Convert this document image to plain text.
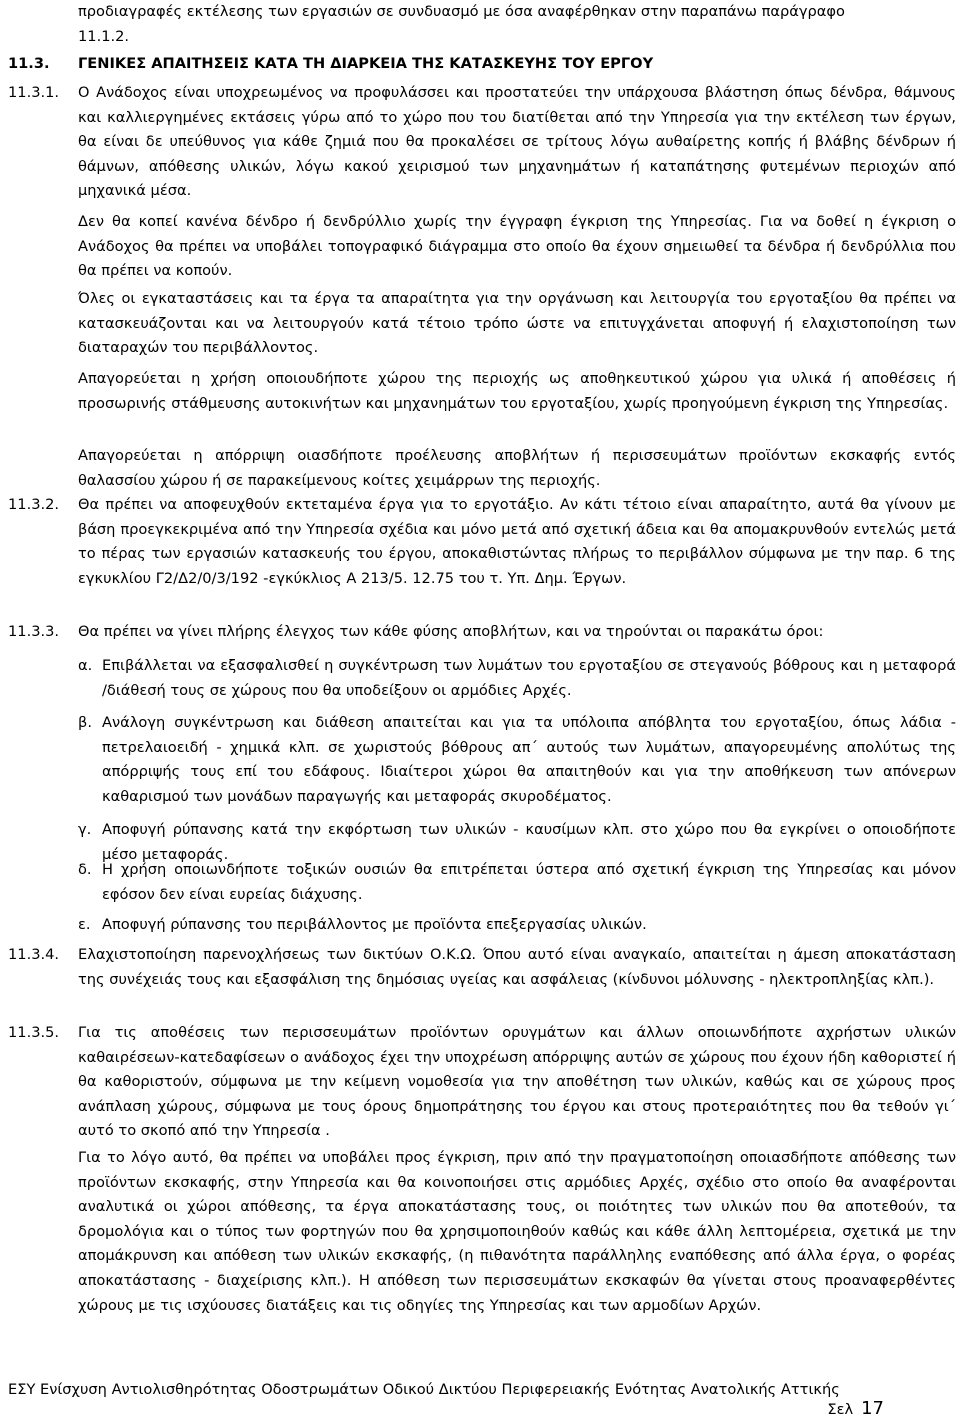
προδιαγραφές εκτέλεσης των εργασιών σε συνδυασμό με όσα αναφέρθηκαν στην παραπάνω παράγραφο
11.1.2.
11.3. ΓΕΝΙΚΕΣ ΑΠΑΙΤΗΣΕΙΣ ΚΑΤΑ ΤΗ ΔΙΑΡΚΕΙΑ ΤΗΣ ΚΑΤΑΣΚΕΥΗΣ ΤΟΥ ΕΡΓΟΥ
11.3.1. Ο Ανάδοχος είναι υποχρεωμένος να προφυλάσσει και προστατεύει την υπάρχουσα βλάστηση όπως δένδρα, θάμνους και καλλιεργημένες εκτάσεις γύρω από το χώρο που του διατίθεται από την Υπηρεσία για την εκτέλεση των έργων, θα είναι δε υπεύθυνος για κάθε ζημιά που θα προκαλέσει σε τρίτους λόγω αυθαίρετης κοπής ή βλάβης δένδρων ή θάμνων, απόθεσης υλικών, λόγω κακού χειρισμού των μηχανημάτων ή καταπάτησης φυτεμένων περιοχών από μηχανικά μέσα.
Δεν θα κοπεί κανένα δένδρο ή δενδρύλλιο χωρίς την έγγραφη έγκριση της Υπηρεσίας. Για να δοθεί η έγκριση ο Ανάδοχος θα πρέπει να υποβάλει τοπογραφικό διάγραμμα στο οποίο θα έχουν σημειωθεί τα δένδρα ή δενδρύλλια που θα πρέπει να κοπούν.
Όλες οι εγκαταστάσεις και τα έργα τα απαραίτητα για την οργάνωση και λειτουργία του εργοταξίου θα πρέπει να κατασκευάζονται και να λειτουργούν κατά τέτοιο τρόπο ώστε να επιτυγχάνεται αποφυγή ή ελαχιστοποίηση των διαταραχών του περιβάλλοντος.
Απαγορεύεται η χρήση οποιουδήποτε χώρου της περιοχής ως αποθηκευτικού χώρου για υλικά ή αποθέσεις ή προσωρινής στάθμευσης αυτοκινήτων και μηχανημάτων του εργοταξίου, χωρίς προηγούμενη έγκριση της Υπηρεσίας.
Απαγορεύεται η απόρριψη οιασδήποτε προέλευσης αποβλήτων ή περισσευμάτων προϊόντων εκσκαφής εντός θαλασσίου χώρου ή σε παρακείμενους κοίτες χειμάρρων της περιοχής.
11.3.2. Θα πρέπει να αποφευχθούν εκτεταμένα έργα για το εργοτάξιο. Αν κάτι τέτοιο είναι απαραίτητο, αυτά θα γίνουν με βάση προεγκεκριμένα από την Υπηρεσία σχέδια και μόνο μετά από σχετική άδεια και θα απομακρυνθούν εντελώς μετά το πέρας των εργασιών κατασκευής του έργου, αποκαθιστώντας πλήρως το περιβάλλον σύμφωνα με την παρ. 6 της εγκυκλίου Γ2/Δ2/0/3/192 -εγκύκλιος Α 213/5. 12.75 του τ. Υπ. Δημ. Έργων.
11.3.3. Θα πρέπει να γίνει πλήρης έλεγχος των κάθε φύσης αποβλήτων, και να τηρούνται οι παρακάτω όροι:
α. Επιβάλλεται να εξασφαλισθεί η συγκέντρωση των λυμάτων του εργοταξίου σε στεγανούς βόθρους και η μεταφορά /διάθεσή τους σε χώρους που θα υποδείξουν οι αρμόδιες Αρχές.
β. Ανάλογη συγκέντρωση και διάθεση απαιτείται και για τα υπόλοιπα απόβλητα του εργοταξίου, όπως λάδια - πετρελαιοειδή - χημικά κλπ. σε χωριστούς βόθρους απ΄ αυτούς των λυμάτων, απαγορευμένης απολύτως της απόρριψής τους επί του εδάφους. Ιδιαίτεροι χώροι θα απαιτηθούν και για την αποθήκευση των απόνερων καθαρισμού των μονάδων παραγωγής και μεταφοράς σκυροδέματος.
γ. Αποφυγή ρύπανσης κατά την εκφόρτωση των υλικών - καυσίμων κλπ. στο χώρο που θα εγκρίνει ο οποιοδήποτε μέσο μεταφοράς.
δ. Η χρήση οποιωνδήποτε τοξικών ουσιών θα επιτρέπεται ύστερα από σχετική έγκριση της Υπηρεσίας και μόνον εφόσον δεν είναι ευρείας διάχυσης.
ε. Αποφυγή ρύπανσης του περιβάλλοντος με προϊόντα επεξεργασίας υλικών.
11.3.4. Ελαχιστοποίηση παρενοχλήσεως των δικτύων Ο.Κ.Ω. Όπου αυτό είναι αναγκαίο, απαιτείται η άμεση αποκατάσταση της συνέχειάς τους και εξασφάλιση της δημόσιας υγείας και ασφάλειας (κίνδυνοι μόλυνσης - ηλεκτροπληξίας κλπ.).
11.3.5. Για τις αποθέσεις των περισσευμάτων προϊόντων ορυγμάτων και άλλων οποιωνδήποτε αχρήστων υλικών καθαιρέσεων-κατεδαφίσεων ο ανάδοχος έχει την υποχρέωση απόρριψης αυτών σε χώρους που έχουν ήδη καθοριστεί ή θα καθοριστούν, σύμφωνα με την κείμενη νομοθεσία για την αποθέτηση των υλικών, καθώς και σε χώρους προς ανάπλαση χώρους, σύμφωνα με τους όρους δημοπράτησης του έργου και στους προτεραιότητες που θα τεθούν γι΄ αυτό το σκοπό από την Υπηρεσία .
Για το λόγο αυτό, θα πρέπει να υποβάλει προς έγκριση, πριν από την πραγματοποίηση οποιασδήποτε απόθεσης των προϊόντων εκσκαφής, στην Υπηρεσία και θα κοινοποιήσει στις αρμόδιες Αρχές, σχέδιο στο οποίο θα αναφέρονται αναλυτικά οι χώροι απόθεσης, τα έργα αποκατάστασης τους, οι ποιότητες των υλικών που θα αποτεθούν, τα δρομολόγια και ο τύπος των φορτηγών που θα χρησιμοποιηθούν καθώς και κάθε άλλη λεπτομέρεια, σχετικά με την απομάκρυνση και απόθεση των υλικών εκσκαφής, (η πιθανότητα παράλληλης εναπόθεσης από άλλα έργα, ο φορέας αποκατάστασης - διαχείρισης κλπ.). Η απόθεση των περισσευμάτων εκσκαφών θα γίνεται στους προαναφερθέντες χώρους με τις ισχύουσες διατάξεις και τις οδηγίες της Υπηρεσίας και των αρμοδίων Αρχών.
ΕΣΥ Ενίσχυση Αντιολισθηρότητας Οδοστρωμάτων Οδικού Δικτύου Περιφερειακής Ενότητας Ανατολικής Αττικής
Σελ 17
